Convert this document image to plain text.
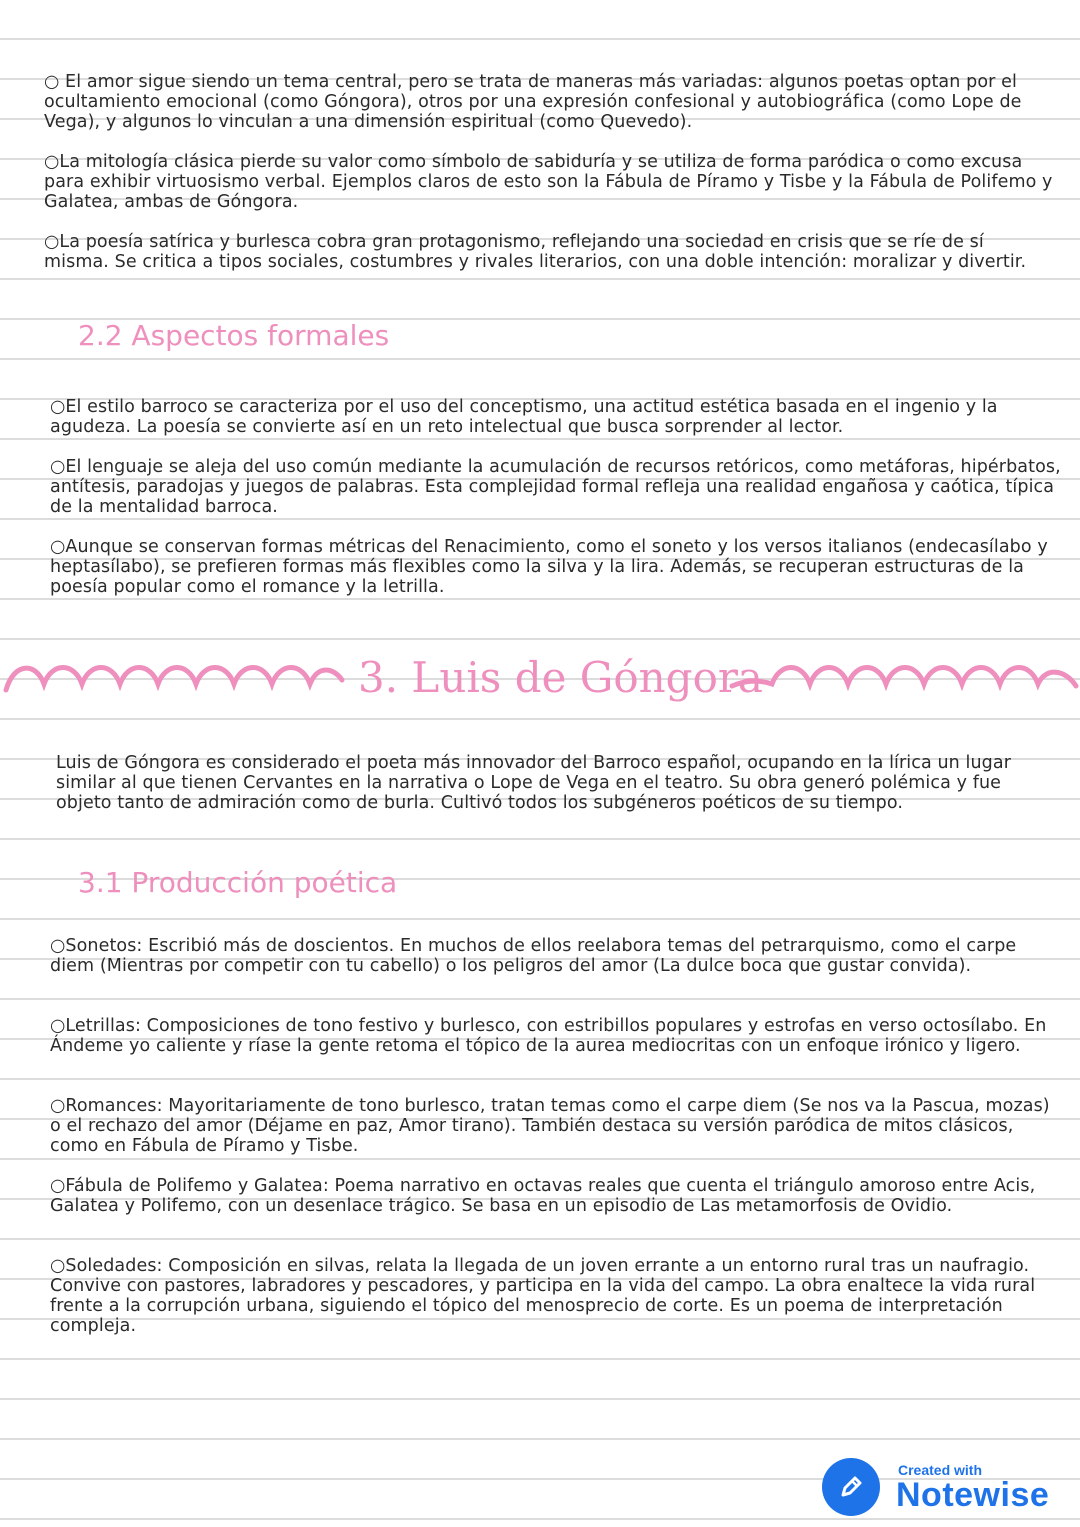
○ El amor sigue siendo un tema central, pero se trata de maneras más variadas: algunos poetas optan por el ocultamiento emocional (como Góngora), otros por una expresión confesional y autobiográfica (como Lope de Vega), y algunos lo vinculan a una dimensión espiritual (como Quevedo).

○La mitología clásica pierde su valor como símbolo de sabiduría y se utiliza de forma paródica o como excusa para exhibir virtuosismo verbal. Ejemplos claros de esto son la Fábula de Píramo y Tisbe y la Fábula de Polifemo y Galatea, ambas de Góngora.

○La poesía satírica y burlesca cobra gran protagonismo, reflejando una sociedad en crisis que se ríe de sí misma. Se critica a tipos sociales, costumbres y rivales literarios, con una doble intención: moralizar y divertir.

2.2 Aspectos formales

○El estilo barroco se caracteriza por el uso del conceptismo, una actitud estética basada en el ingenio y la agudeza. La poesía se convierte así en un reto intelectual que busca sorprender al lector.

○El lenguaje se aleja del uso común mediante la acumulación de recursos retóricos, como metáforas, hipérbatos, antítesis, paradojas y juegos de palabras. Esta complejidad formal refleja una realidad engañosa y caótica, típica de la mentalidad barroca.

○Aunque se conservan formas métricas del Renacimiento, como el soneto y los versos italianos (endecasílabo y heptasílabo), se prefieren formas más flexibles como la silva y la lira. Además, se recuperan estructuras de la poesía popular como el romance y la letrilla.

3. Luis de Góngora

Luis de Góngora es considerado el poeta más innovador del Barroco español, ocupando en la lírica un lugar similar al que tienen Cervantes en la narrativa o Lope de Vega en el teatro. Su obra generó polémica y fue objeto tanto de admiración como de burla. Cultivó todos los subgéneros poéticos de su tiempo.

3.1 Producción poética

○Sonetos: Escribió más de doscientos. En muchos de ellos reelabora temas del petrarquismo, como el carpe diem (Mientras por competir con tu cabello) o los peligros del amor (La dulce boca que gustar convida).

○Letrillas: Composiciones de tono festivo y burlesco, con estribillos populares y estrofas en verso octosílabo. En Ándeme yo caliente y ríase la gente retoma el tópico de la aurea mediocritas con un enfoque irónico y ligero.

○Romances: Mayoritariamente de tono burlesco, tratan temas como el carpe diem (Se nos va la Pascua, mozas) o el rechazo del amor (Déjame en paz, Amor tirano). También destaca su versión paródica de mitos clásicos, como en Fábula de Píramo y Tisbe.

○Fábula de Polifemo y Galatea: Poema narrativo en octavas reales que cuenta el triángulo amoroso entre Acis, Galatea y Polifemo, con un desenlace trágico. Se basa en un episodio de Las metamorfosis de Ovidio.

○Soledades: Composición en silvas, relata la llegada de un joven errante a un entorno rural tras un naufragio. Convive con pastores, labradores y pescadores, y participa en la vida del campo. La obra enaltece la vida rural frente a la corrupción urbana, siguiendo el tópico del menosprecio de corte. Es un poema de interpretación compleja.

Created with
Notewise
